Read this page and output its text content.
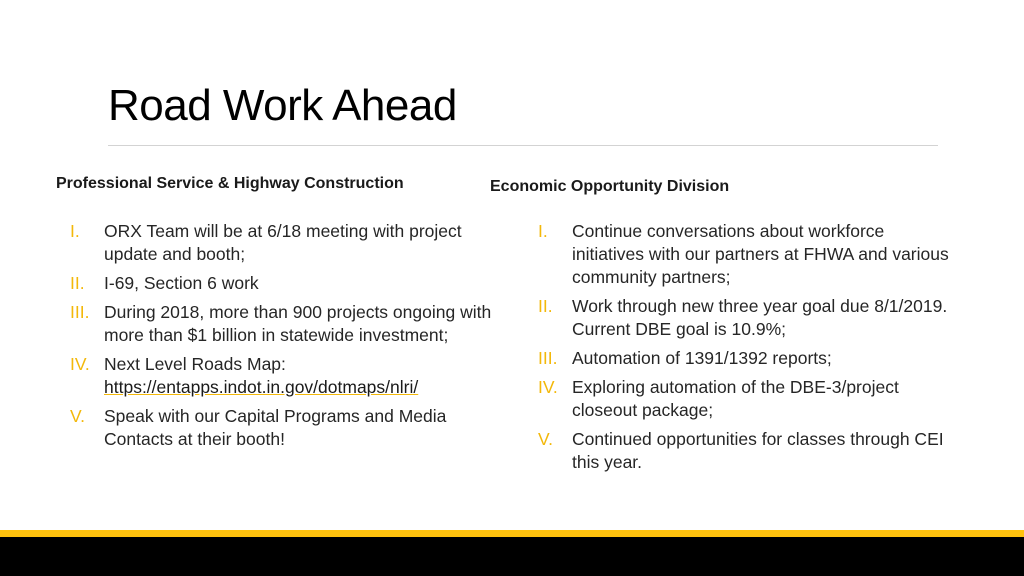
Road Work Ahead
Professional Service & Highway Construction	Economic Opportunity Division
I. ORX Team will be at 6/18 meeting with project update and booth;
II. I-69, Section 6 work
III. During 2018, more than 900 projects ongoing with more than $1 billion in statewide investment;
IV. Next Level Roads Map:
https://entapps.indot.in.gov/dotmaps/nlri/
V. Speak with our Capital Programs and Media Contacts at their booth!
I. Continue conversations about workforce initiatives with our partners at FHWA and various community partners;
II. Work through new three year goal due 8/1/2019. Current DBE goal is 10.9%;
III. Automation of 1391/1392 reports;
IV. Exploring automation of the DBE-3/project closeout package;
V. Continued opportunities for classes through CEI this year.
